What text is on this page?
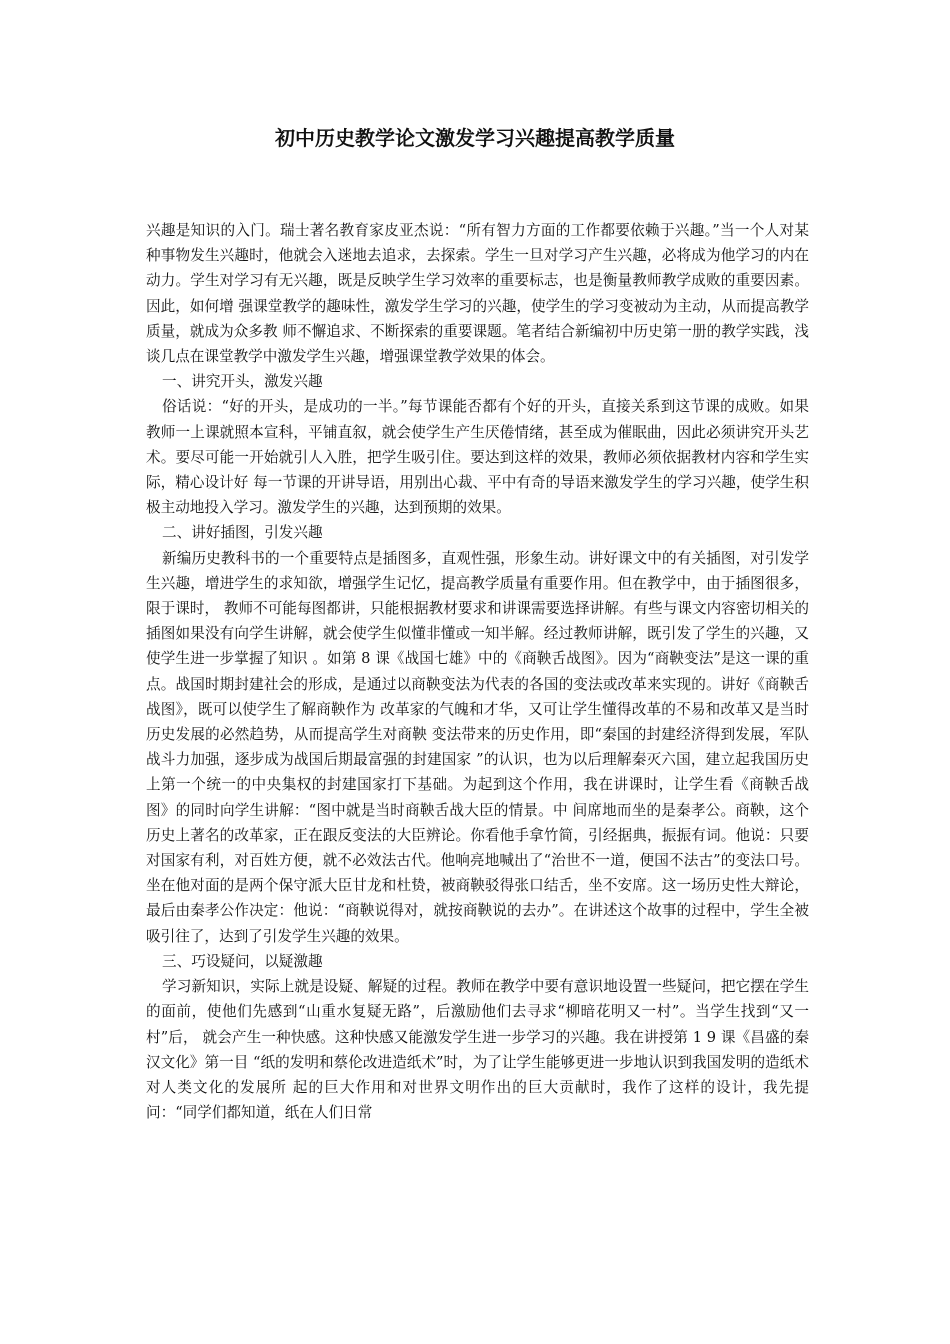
初中历史教学论文激发学习兴趣提高教学质量

兴趣是知识的入门。瑞士著名教育家皮亚杰说：“所有智力方面的工作都要依赖于兴趣。”当一个人对某 种事物发生兴趣时，他就会入迷地去追求，去探索。学生一旦对学习产生兴趣，必将成为他学习的内在动力。学生对学习有无兴趣，既是反映学生学习效率的重要标志，也是衡量教师教学成败的重要因素。因此，如何增 强课堂教学的趣味性，激发学生学习的兴趣，使学生的学习变被动为主动，从而提高教学质量，就成为众多教 师不懈追求、不断探索的重要课题。笔者结合新编初中历史第一册的教学实践，浅谈几点在课堂教学中激发学生兴趣，增强课堂教学效果的体会。

一、讲究开头，激发兴趣

俗话说：“好的开头，是成功的一半。”每节课能否都有个好的开头，直接关系到这节课的成败。如果教师一上课就照本宣科，平铺直叙，就会使学生产生厌倦情绪，甚至成为催眠曲，因此必须讲究开头艺术。要尽可能一开始就引人入胜，把学生吸引住。要达到这样的效果，教师必须依据教材内容和学生实际，精心设计好 每一节课的开讲导语，用别出心裁、平中有奇的导语来激发学生的学习兴趣，使学生积极主动地投入学习。激发学生的兴趣，达到预期的效果。

二、讲好插图，引发兴趣

新编历史教科书的一个重要特点是插图多，直观性强，形象生动。讲好课文中的有关插图，对引发学生兴趣，增进学生的求知欲，增强学生记忆，提高教学质量有重要作用。但在教学中，由于插图很多，限于课时， 教师不可能每图都讲，只能根据教材要求和讲课需要选择讲解。有些与课文内容密切相关的插图如果没有向学生讲解，就会使学生似懂非懂或一知半解。经过教师讲解，既引发了学生的兴趣，又使学生进一步掌握了知识 。如第 8 课《战国七雄》中的《商鞅舌战图》。因为“商鞅变法”是这一课的重点。战国时期封建社会的形成，是通过以商鞅变法为代表的各国的变法或改革来实现的。讲好《商鞅舌战图》，既可以使学生了解商鞅作为 改革家的气魄和才华，又可让学生懂得改革的不易和改革又是当时历史发展的必然趋势，从而提高学生对商鞅 变法带来的历史作用，即“秦国的封建经济得到发展，军队战斗力加强，逐步成为战国后期最富强的封建国家 ”的认识，也为以后理解秦灭六国，建立起我国历史上第一个统一的中央集权的封建国家打下基础。为起到这个作用，我在讲课时，让学生看《商鞅舌战图》的同时向学生讲解：“图中就是当时商鞅舌战大臣的情景。中 间席地而坐的是秦孝公。商鞅，这个历史上著名的改革家，正在跟反变法的大臣辨论。你看他手拿竹简，引经据典，振振有词。他说：只要对国家有利，对百姓方便，就不必效法古代。他响亮地喊出了“治世不一道，便国不法古”的变法口号。坐在他对面的是两个保守派大臣甘龙和杜贽，被商鞅驳得张口结舌，坐不安席。这一场历史性大辩论，最后由秦孝公作决定：他说：“商鞅说得对，就按商鞅说的去办”。在讲述这个故事的过程中，学生全被吸引往了，达到了引发学生兴趣的效果。

三、巧设疑问，以疑激趣

学习新知识，实际上就是设疑、解疑的过程。教师在教学中要有意识地设置一些疑问，把它摆在学生的面前，使他们先感到“山重水复疑无路”，后激励他们去寻求“柳暗花明又一村”。当学生找到“又一村”后， 就会产生一种快感。这种快感又能激发学生进一步学习的兴趣。我在讲授第 1 9 课《昌盛的秦汉文化》第一目 “纸的发明和蔡伦改进造纸术”时，为了让学生能够更进一步地认识到我国发明的造纸术对人类文化的发展所 起的巨大作用和对世界文明作出的巨大贡献时，我作了这样的设计，我先提问：“同学们都知道，纸在人们日常
